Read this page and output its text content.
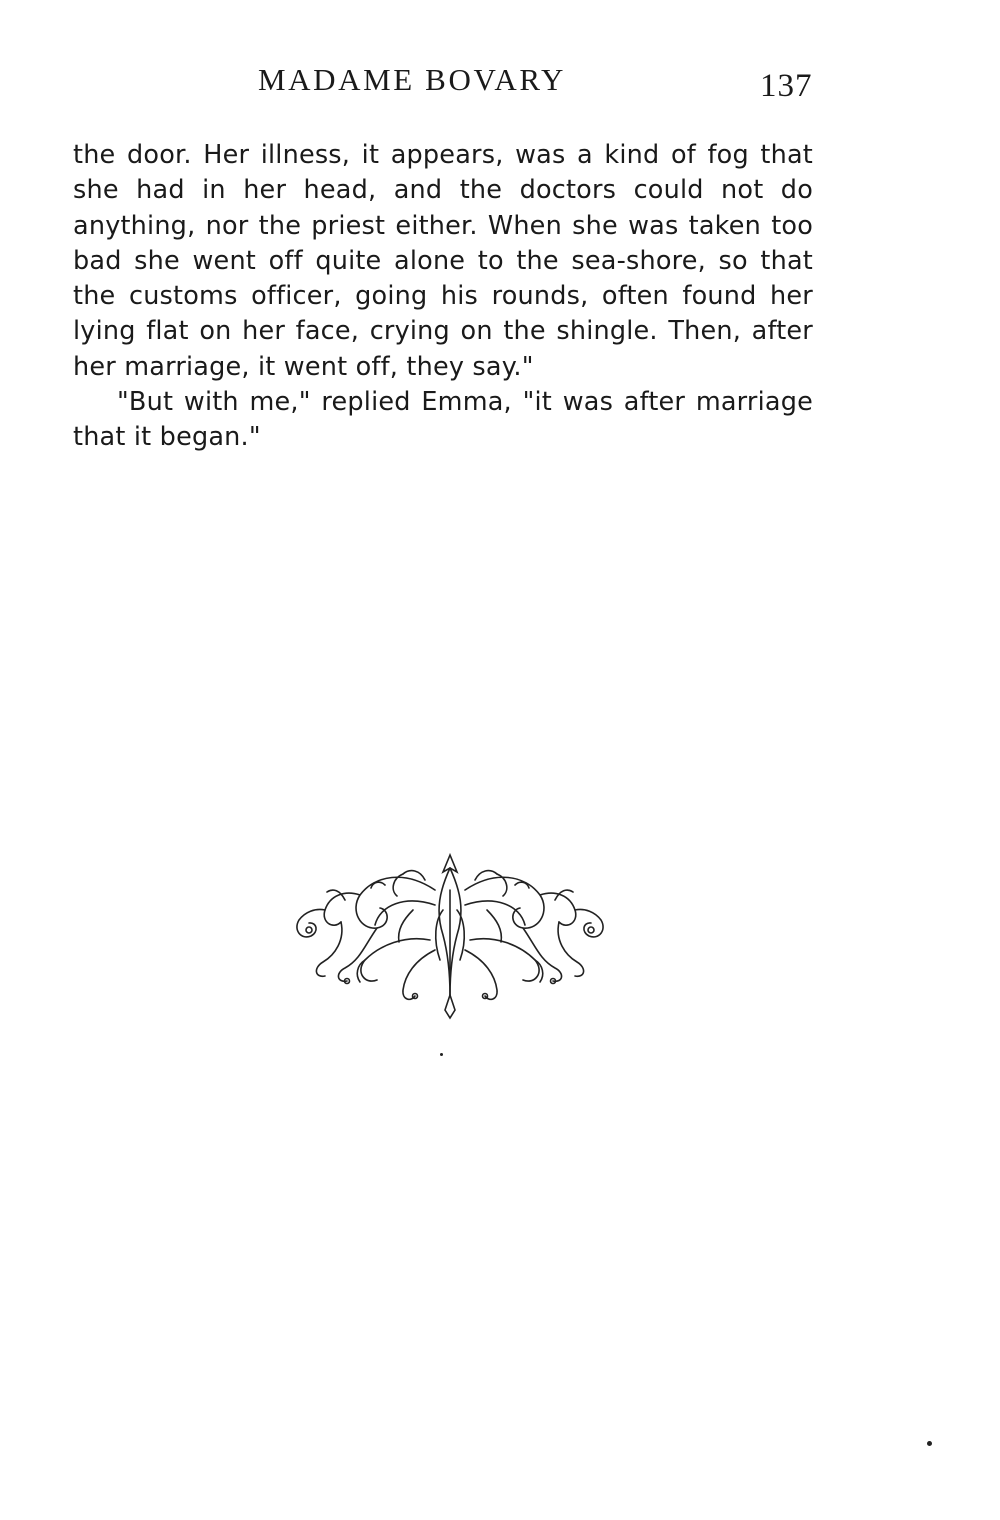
MADAME BOVARY	137

the door. Her illness, it appears, was a kind of fog that she had in her head, and the doctors could not do anything, nor the priest either. When she was taken too bad she went off quite alone to the sea-shore, so that the customs officer, going his rounds, often found her lying flat on her face, crying on the shingle. Then, after her marriage, it went off, they say."

"But with me," replied Emma, "it was after marriage that it began."
